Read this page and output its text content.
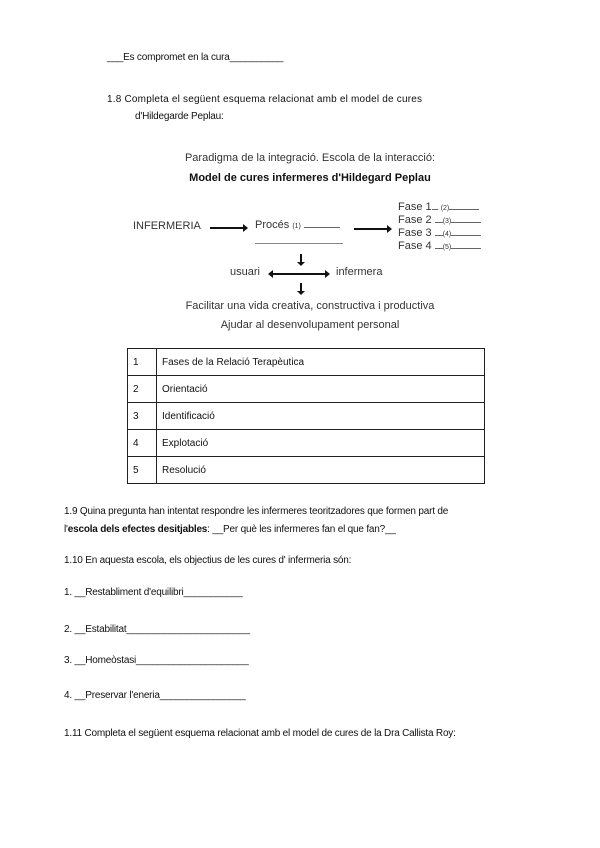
___Es compromet en la cura__________
1.8 Completa el següent esquema relacionat amb el model de cures
d'Hildegarde Peplau:
Paradigma de la integració. Escola de la interacció:
Model de cures infermeres d'Hildegard Peplau
INFERMERIA	Procés (1)
Fase 1 (2)
Fase 2 (3)
Fase 3 (4)
Fase 4 (5)
usuari	infermera
Facilitar una vida creativa, constructiva i productiva
Ajudar al desenvolupament personal
1	Fases de la Relació Terapèutica
2	Orientació
3	Identificació
4	Explotació
5	Resolució
1.9 Quina pregunta han intentat respondre les infermeres teoritzadores que formen part de
l'escola dels efectes desitjables: __Per què les infermeres fan el que fan?__
1.10 En aquesta escola, els objectius de les cures d' infermeria són:
1. __Restabliment d'equilibri___________
2. __Estabilitat_______________________
3. __Homeòstasi_____________________
4. __Preservar l'eneria________________
1.11 Completa el següent esquema relacionat amb el model de cures de la Dra Callista Roy:
